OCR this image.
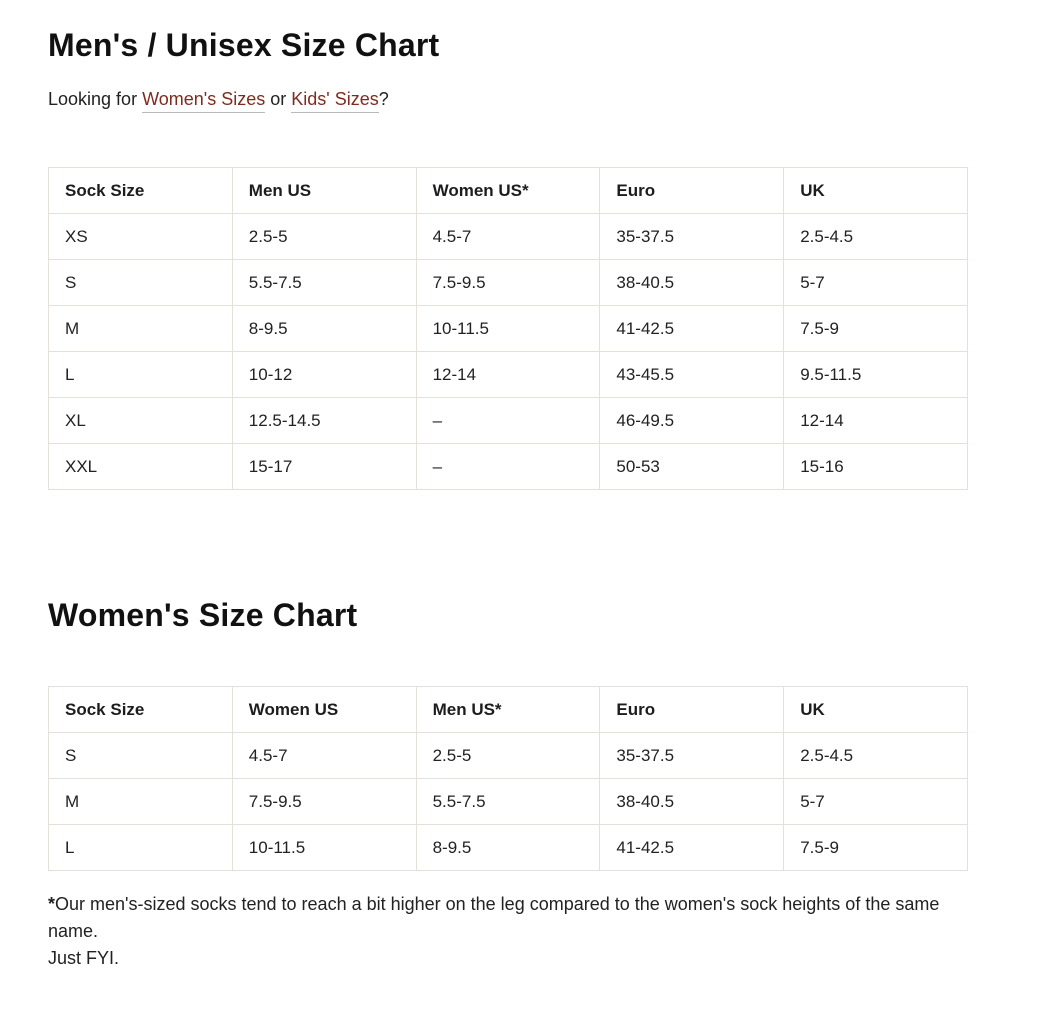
Men's / Unisex Size Chart

Looking for Women's Sizes or Kids' Sizes?

Sock Size	Men US	Women US*	Euro	UK
XS	2.5-5	4.5-7	35-37.5	2.5-4.5
S	5.5-7.5	7.5-9.5	38-40.5	5-7
M	8-9.5	10-11.5	41-42.5	7.5-9
L	10-12	12-14	43-45.5	9.5-11.5
XL	12.5-14.5	–	46-49.5	12-14
XXL	15-17	–	50-53	15-16
Women's Size Chart
Sock Size	Women US	Men US*	Euro	UK
S	4.5-7	2.5-5	35-37.5	2.5-4.5
M	7.5-9.5	5.5-7.5	38-40.5	5-7
L	10-11.5	8-9.5	41-42.5	7.5-9

*Our men's-sized socks tend to reach a bit higher on the leg compared to the women's sock heights of the same name.
Just FYI.
